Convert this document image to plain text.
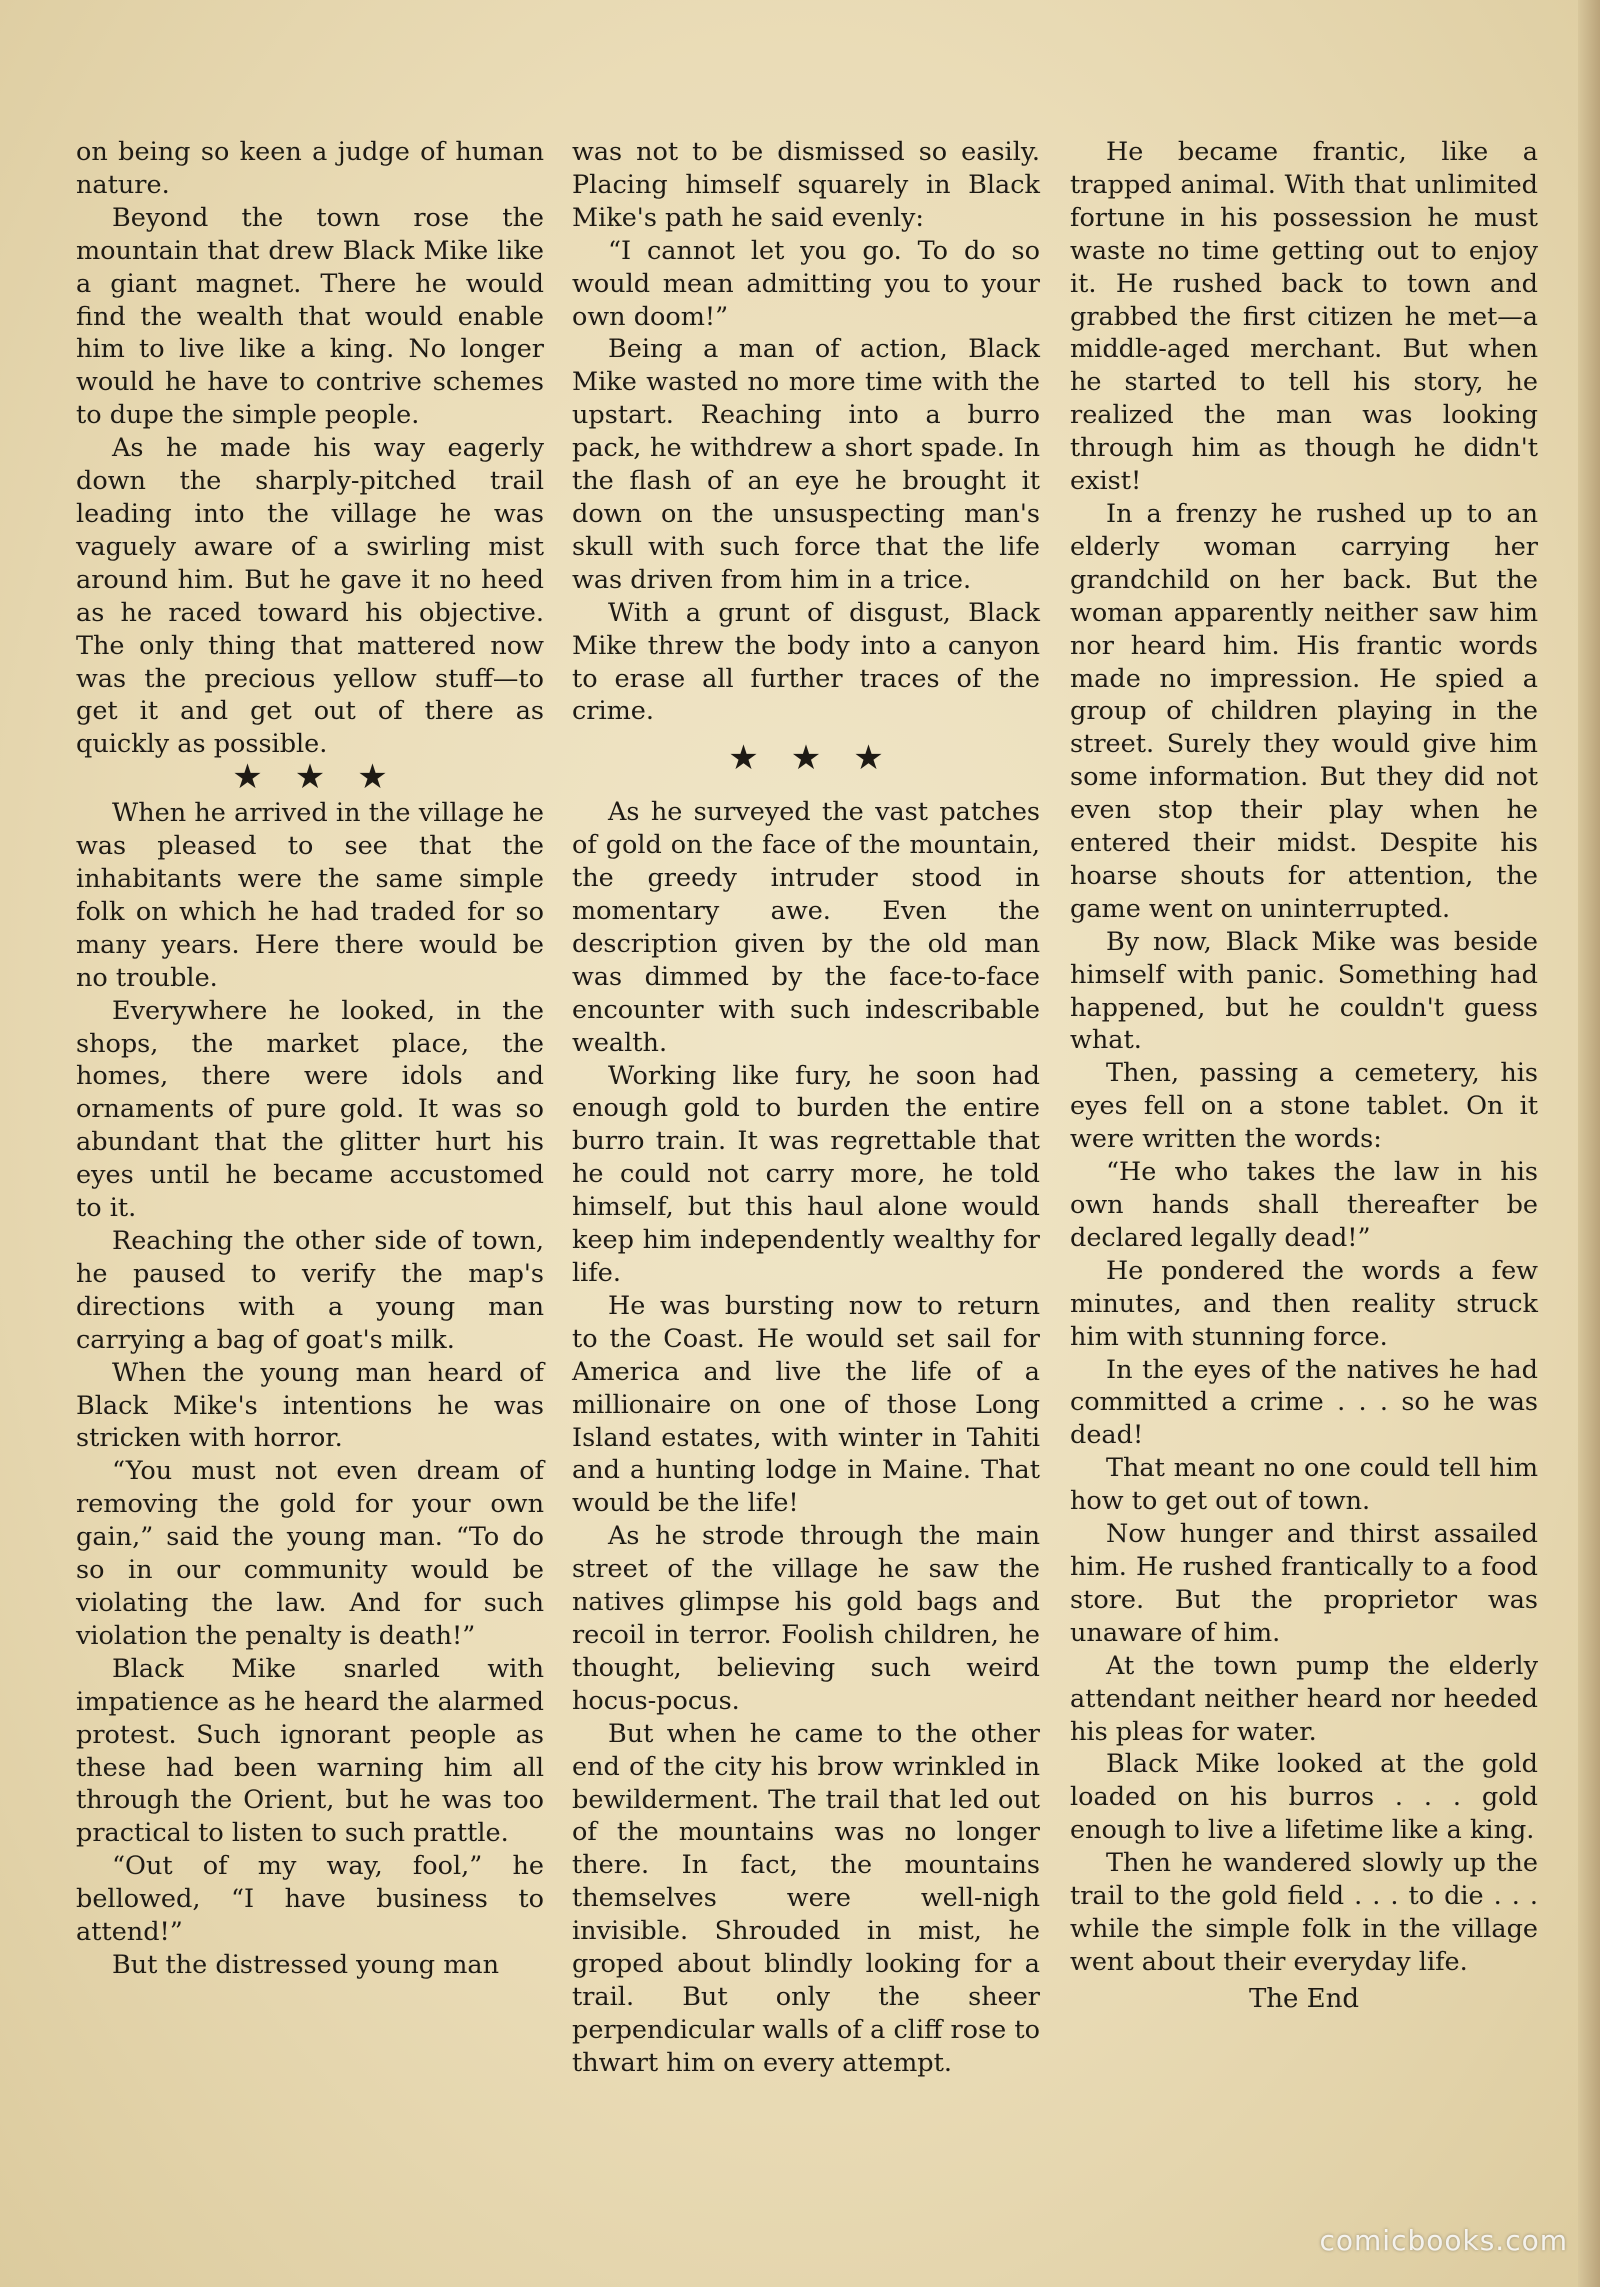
on being so keen a judge of human nature.

Beyond the town rose the mountain that drew Black Mike like a giant magnet. There he would find the wealth that would enable him to live like a king. No longer would he have to contrive schemes to dupe the simple people.

As he made his way eagerly down the sharply-pitched trail leading into the village he was vaguely aware of a swirling mist around him. But he gave it no heed as he raced toward his objective. The only thing that mattered now was the precious yellow stuff—to get it and get out of there as quickly as possible.

★★★

When he arrived in the village he was pleased to see that the inhabitants were the same simple folk on which he had traded for so many years. Here there would be no trouble.

Everywhere he looked, in the shops, the market place, the homes, there were idols and ornaments of pure gold. It was so abundant that the glitter hurt his eyes until he became accustomed to it.

Reaching the other side of town, he paused to verify the map's directions with a young man carrying a bag of goat's milk.

When the young man heard of Black Mike's intentions he was stricken with horror.

“You must not even dream of removing the gold for your own gain,” said the young man. “To do so in our community would be violating the law. And for such violation the penalty is death!”

Black Mike snarled with impatience as he heard the alarmed protest. Such ignorant people as these had been warning him all through the Orient, but he was too practical to listen to such prattle.

“Out of my way, fool,” he bellowed, “I have business to attend!”

But the distressed young man

was not to be dismissed so easily. Placing himself squarely in Black Mike's path he said evenly:

“I cannot let you go. To do so would mean admitting you to your own doom!”

Being a man of action, Black Mike wasted no more time with the upstart. Reaching into a burro pack, he withdrew a short spade. In the flash of an eye he brought it down on the unsuspecting man's skull with such force that the life was driven from him in a trice.

With a grunt of disgust, Black Mike threw the body into a canyon to erase all further traces of the crime.

★★★

As he surveyed the vast patches of gold on the face of the mountain, the greedy intruder stood in momentary awe. Even the description given by the old man was dimmed by the face-to-face encounter with such indescribable wealth.

Working like fury, he soon had enough gold to burden the entire burro train. It was regrettable that he could not carry more, he told himself, but this haul alone would keep him independently wealthy for life.

He was bursting now to return to the Coast. He would set sail for America and live the life of a millionaire on one of those Long Island estates, with winter in Tahiti and a hunting lodge in Maine. That would be the life!

As he strode through the main street of the village he saw the natives glimpse his gold bags and recoil in terror. Foolish children, he thought, believing such weird hocus-pocus.

But when he came to the other end of the city his brow wrinkled in bewilderment. The trail that led out of the mountains was no longer there. In fact, the mountains themselves were well-nigh invisible. Shrouded in mist, he groped about blindly looking for a trail. But only the sheer perpendicular walls of a cliff rose to thwart him on every attempt.

He became frantic, like a trapped animal. With that unlimited fortune in his possession he must waste no time getting out to enjoy it. He rushed back to town and grabbed the first citizen he met—a middle-aged merchant. But when he started to tell his story, he realized the man was looking through him as though he didn't exist!

In a frenzy he rushed up to an elderly woman carrying her grandchild on her back. But the woman apparently neither saw him nor heard him. His frantic words made no impression. He spied a group of children playing in the street. Surely they would give him some information. But they did not even stop their play when he entered their midst. Despite his hoarse shouts for attention, the game went on uninterrupted.

By now, Black Mike was beside himself with panic. Something had happened, but he couldn't guess what.

Then, passing a cemetery, his eyes fell on a stone tablet. On it were written the words:

“He who takes the law in his own hands shall thereafter be declared legally dead!”

He pondered the words a few minutes, and then reality struck him with stunning force.

In the eyes of the natives he had committed a crime . . . so he was dead!

That meant no one could tell him how to get out of town.

Now hunger and thirst assailed him. He rushed frantically to a food store. But the proprietor was unaware of him.

At the town pump the elderly attendant neither heard nor heeded his pleas for water.

Black Mike looked at the gold loaded on his burros . . . gold enough to live a lifetime like a king.

Then he wandered slowly up the trail to the gold field . . . to die . . . while the simple folk in the village went about their everyday life.

The End
comicbooks.com
